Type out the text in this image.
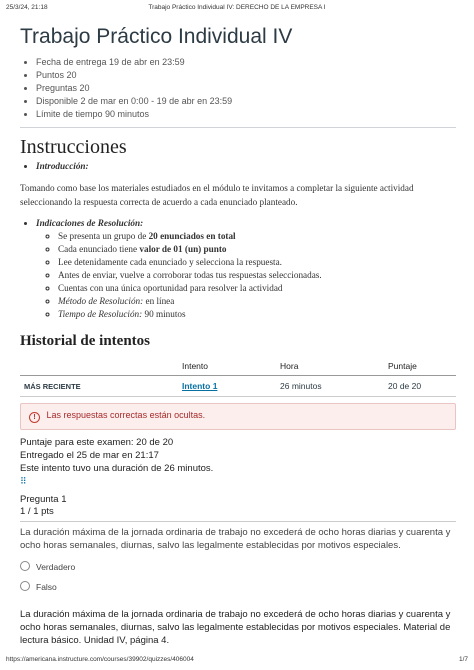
25/3/24, 21:18	Trabajo Práctico Individual IV: DERECHO DE LA EMPRESA I
Trabajo Práctico Individual IV
• Fecha de entrega 19 de abr en 23:59
• Puntos 20
• Preguntas 20
• Disponible 2 de mar en 0:00 - 19 de abr en 23:59
• Límite de tiempo 90 minutos
Instrucciones
• Introducción:

Tomando como base los materiales estudiados en el módulo te invitamos a completar la siguiente actividad seleccionando la respuesta correcta de acuerdo a cada enunciado planteado.

• Indicaciones de Resolución:
◦ Se presenta un grupo de 20 enunciados en total
◦ Cada enunciado tiene valor de 01 (un) punto
◦ Lee detenidamente cada enunciado y selecciona la respuesta.
◦ Antes de enviar, vuelve a corroborar todas tus respuestas seleccionadas.
◦ Cuentas con una única oportunidad para resolver la actividad
◦ Método de Resolución: en línea
◦ Tiempo de Resolución: 90 minutos
Historial de intentos
	Intento	Hora	Puntaje
MÁS RECIENTE	Intento 1	26 minutos	20 de 20
! Las respuestas correctas están ocultas.
Puntaje para este examen: 20 de 20
Entregado el 25 de mar en 21:17
Este intento tuvo una duración de 26 minutos.
⠿
Pregunta 1
1 / 1 pts
La duración máxima de la jornada ordinaria de trabajo no excederá de ocho horas diarias y cuarenta y ocho horas semanales, diurnas, salvo las legalmente establecidas por motivos especiales.
Verdadero
Falso
La duración máxima de la jornada ordinaria de trabajo no excederá de ocho horas diarias y cuarenta y ocho horas semanales, diurnas, salvo las legalmente establecidas por motivos especiales. Material de lectura básico. Unidad IV, página 4.
https://americana.instructure.com/courses/39902/quizzes/406004	1/7
